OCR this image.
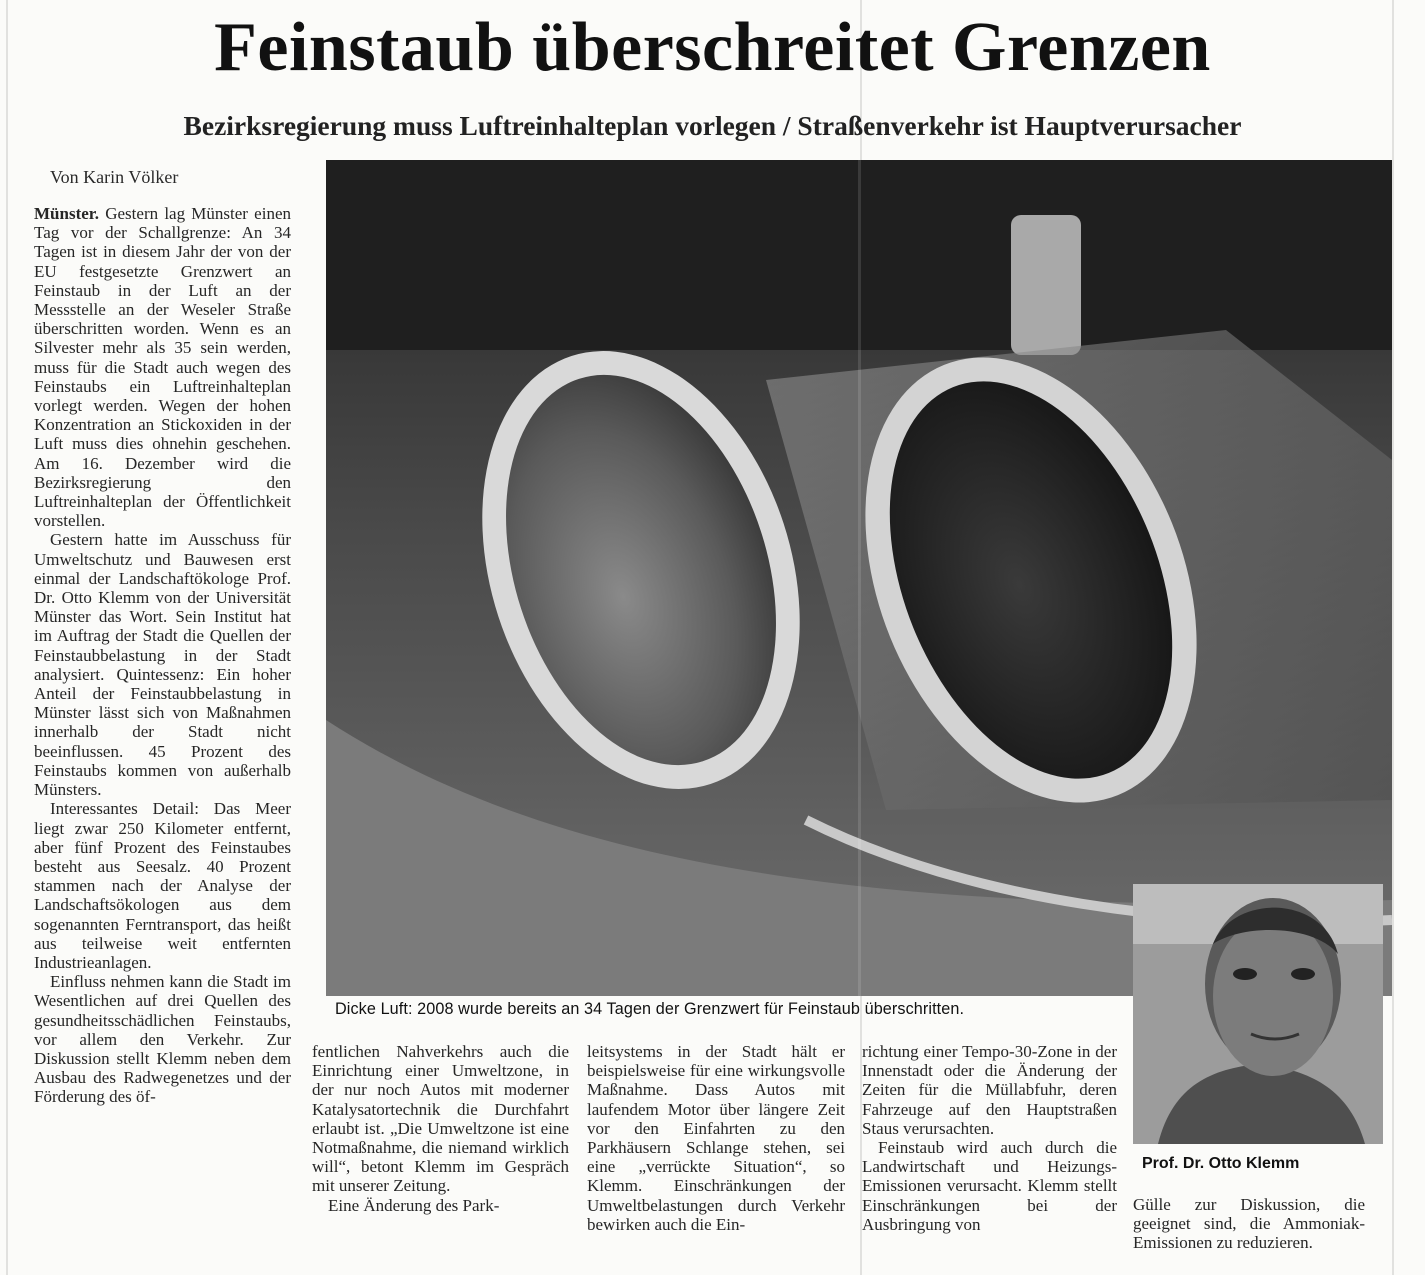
Feinstaub überschreitet Grenzen
Bezirksregierung muss Luftreinhalteplan vorlegen / Straßenverkehr ist Hauptverursacher
Von Karin Völker

Münster. Gestern lag Münster einen Tag vor der Schallgrenze: An 34 Tagen ist in diesem Jahr der von der EU festgesetzte Grenzwert an Feinstaub in der Luft an der Messstelle an der Weseler Straße überschritten worden. Wenn es an Silvester mehr als 35 sein werden, muss für die Stadt auch wegen des Feinstaubs ein Luftreinhalteplan vorlegt werden. Wegen der hohen Konzentration an Stickoxiden in der Luft muss dies ohnehin geschehen. Am 16. Dezember wird die Bezirksregierung den Luftreinhalteplan der Öffentlichkeit vorstellen.

Gestern hatte im Ausschuss für Umweltschutz und Bauwesen erst einmal der Landschaftökologe Prof. Dr. Otto Klemm von der Universität Münster das Wort. Sein Institut hat im Auftrag der Stadt die Quellen der Feinstaubbelastung in der Stadt analysiert. Quintessenz: Ein hoher Anteil der Feinstaubbelastung in Münster lässt sich von Maßnahmen innerhalb der Stadt nicht beeinflussen. 45 Prozent des Feinstaubs kommen von außerhalb Münsters.

Interessantes Detail: Das Meer liegt zwar 250 Kilometer entfernt, aber fünf Prozent des Feinstaubes besteht aus Seesalz. 40 Prozent stammen nach der Analyse der Landschaftsökologen aus dem sogenannten Ferntransport, das heißt aus teilweise weit entfernten Industrieanlagen.

Einfluss nehmen kann die Stadt im Wesentlichen auf drei Quellen des gesundheitsschädlichen Feinstaubs, vor allem den Verkehr. Zur Diskussion stellt Klemm neben dem Ausbau des Radwegenetzes und der Förderung des öf-

Dicke Luft: 2008 wurde bereits an 34 Tagen der Grenzwert für Feinstaub überschritten.
Prof. Dr. Otto Klemm

fentlichen Nahverkehrs auch die Einrichtung einer Umweltzone, in der nur noch Autos mit moderner Katalysatortechnik die Durchfahrt erlaubt ist. „Die Umweltzone ist eine Notmaßnahme, die niemand wirklich will“, betont Klemm im Gespräch mit unserer Zeitung.

Eine Änderung des Park-

leitsystems in der Stadt hält er beispielsweise für eine wirkungsvolle Maßnahme. Dass Autos mit laufendem Motor über längere Zeit vor den Einfahrten zu den Parkhäusern Schlange stehen, sei eine „verrückte Situation“, so Klemm. Einschränkungen der Umweltbelastungen durch Verkehr bewirken auch die Ein-

richtung einer Tempo-30-Zone in der Innenstadt oder die Änderung der Zeiten für die Müllabfuhr, deren Fahrzeuge auf den Hauptstraßen Staus verursachten.

Feinstaub wird auch durch die Landwirtschaft und Heizungs-Emissionen verursacht. Klemm stellt Einschränkungen bei der Ausbringung von

Gülle zur Diskussion, die geeignet sind, die Ammoniak-Emissionen zu reduzieren.
